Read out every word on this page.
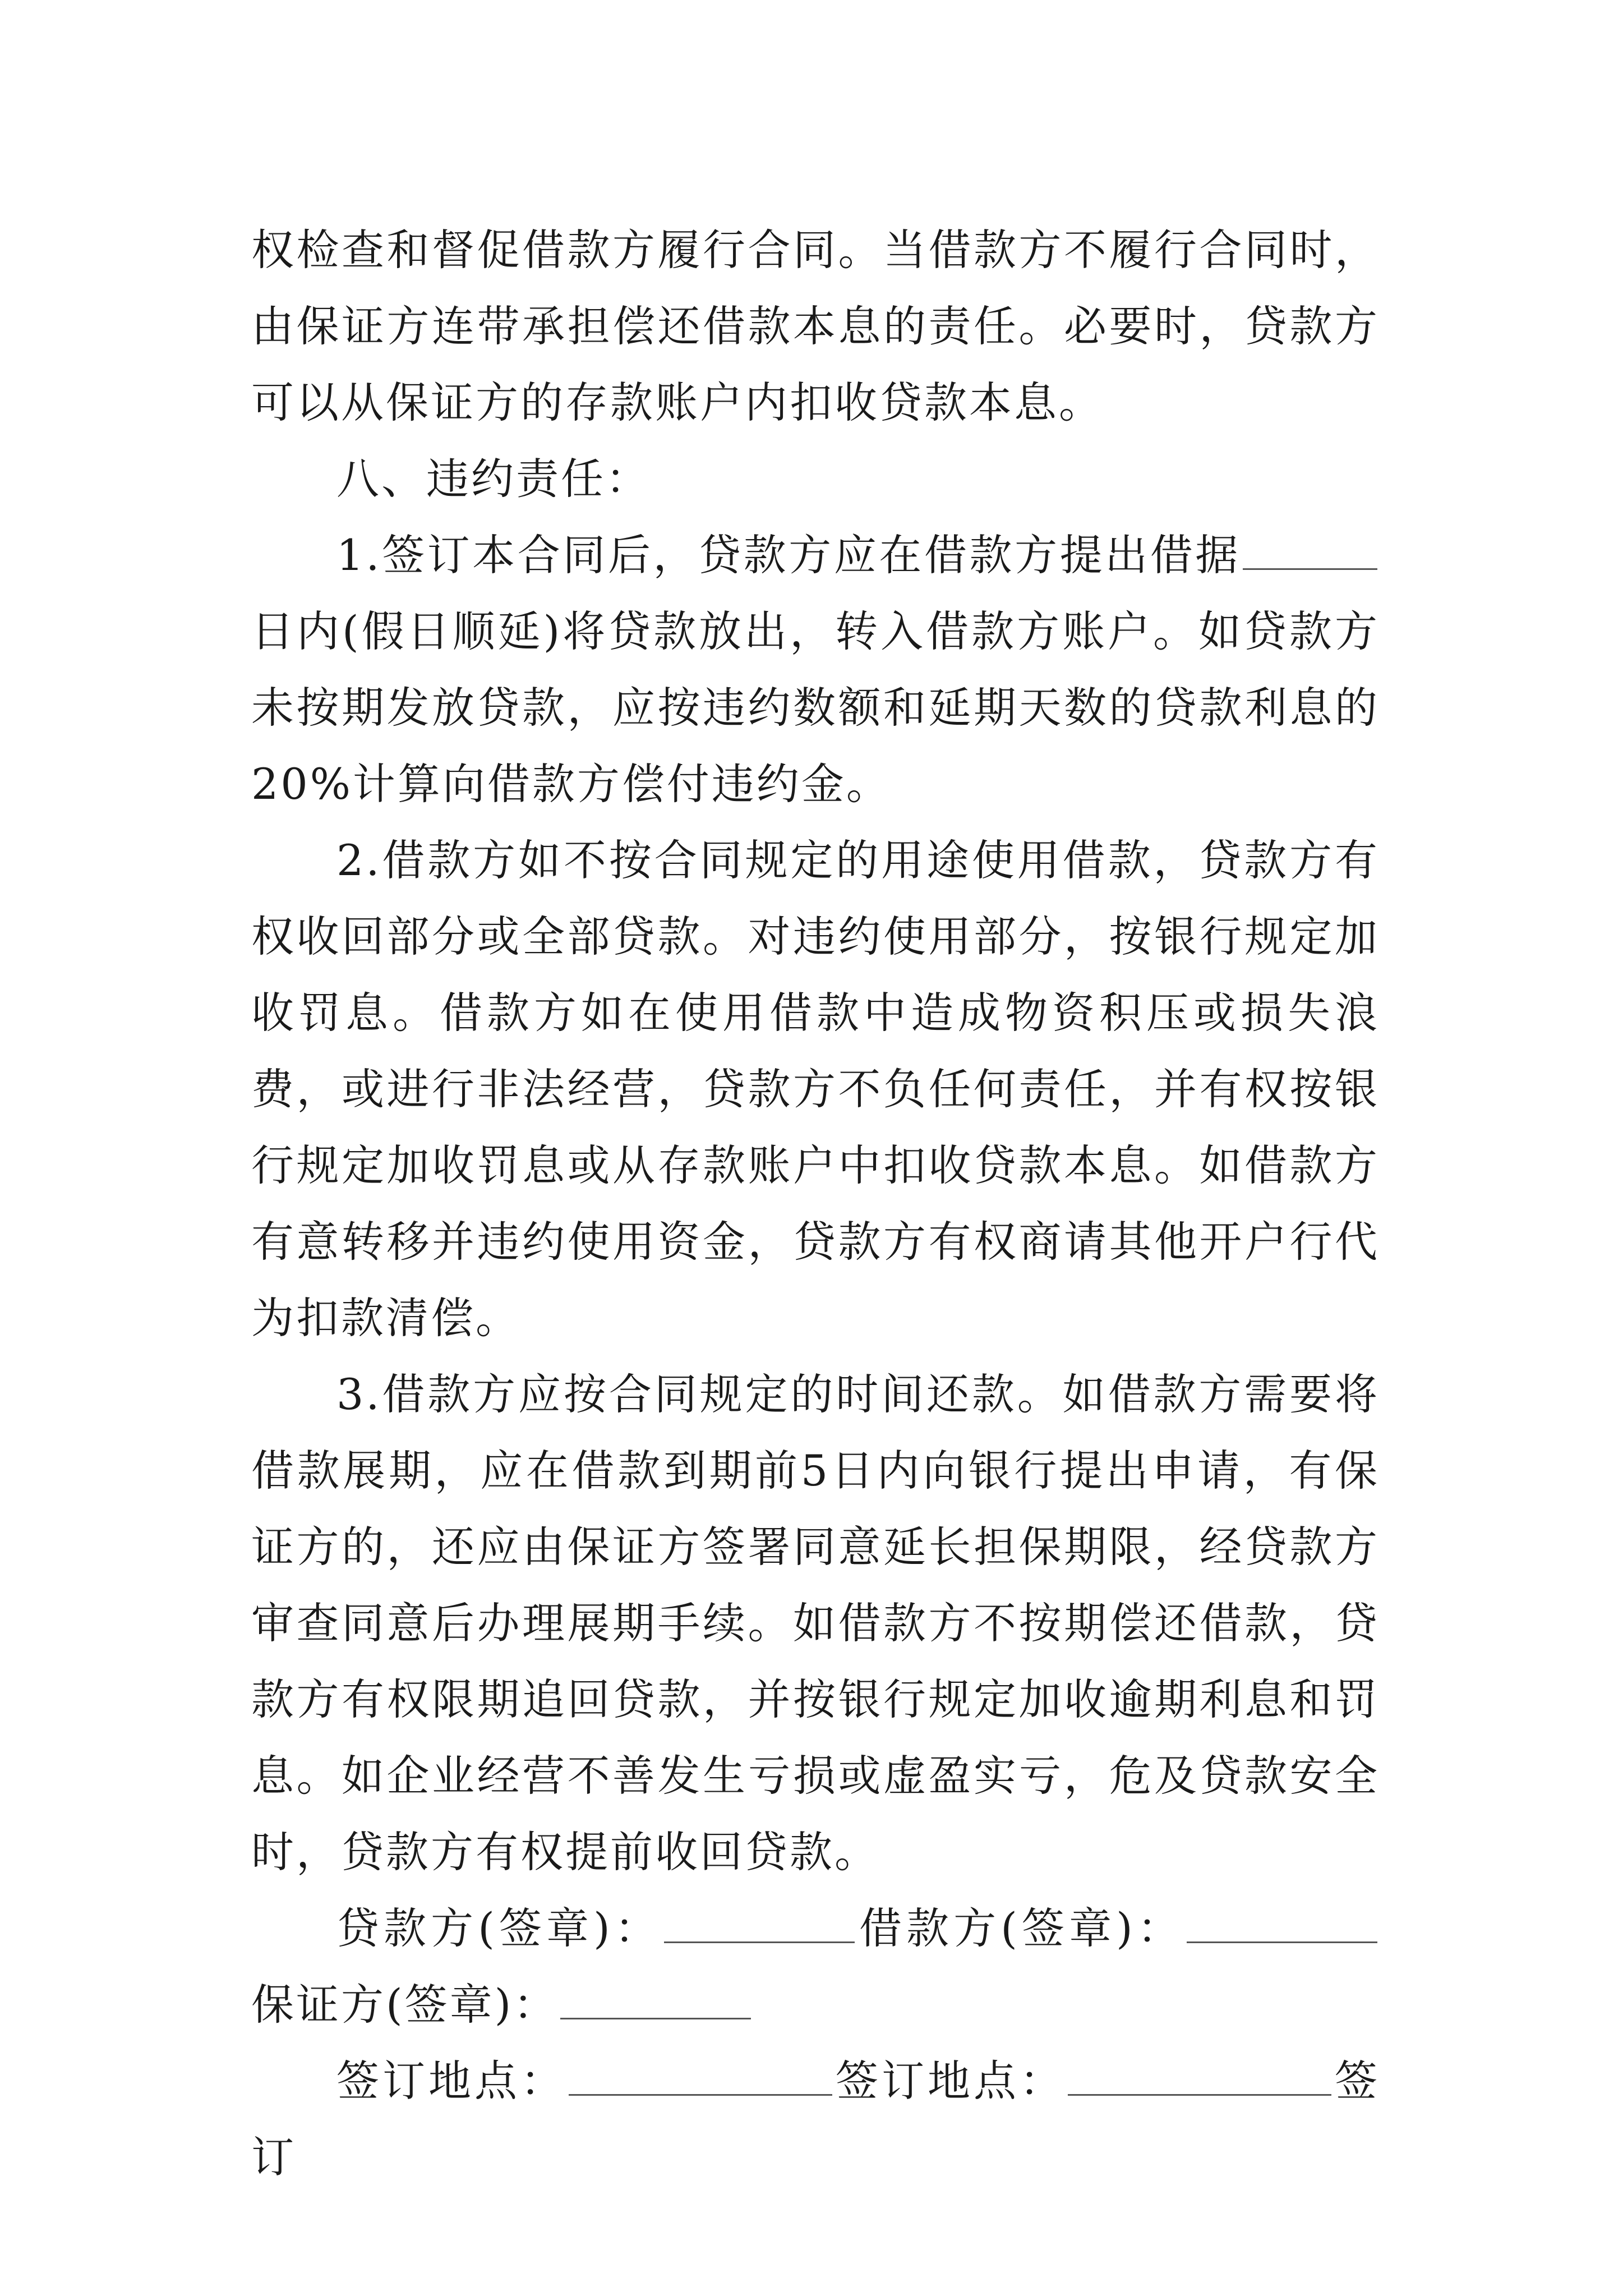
权检查和督促借款方履行合同。当借款方不履行合同时，由保证方连带承担偿还借款本息的责任。必要时，贷款方可以从保证方的存款账户内扣收贷款本息。

八、违约责任：

1.签订本合同后，贷款方应在借款方提出借据日内(假日顺延)将贷款放出，转入借款方账户。如贷款方未按期发放贷款，应按违约数额和延期天数的贷款利息的20%计算向借款方偿付违约金。

2.借款方如不按合同规定的用途使用借款，贷款方有权收回部分或全部贷款。对违约使用部分，按银行规定加收罚息。借款方如在使用借款中造成物资积压或损失浪费，或进行非法经营，贷款方不负任何责任，并有权按银行规定加收罚息或从存款账户中扣收贷款本息。如借款方有意转移并违约使用资金，贷款方有权商请其他开户行代为扣款清偿。

3.借款方应按合同规定的时间还款。如借款方需要将借款展期，应在借款到期前5日内向银行提出申请，有保证方的，还应由保证方签署同意延长担保期限，经贷款方审查同意后办理展期手续。如借款方不按期偿还借款，贷款方有权限期追回贷款，并按银行规定加收逾期利息和罚息。如企业经营不善发生亏损或虚盈实亏，危及贷款安全时，贷款方有权提前收回贷款。

贷款方(签章)：	借款方(签章)：保证方(签章)：

签订地点：	签订地点：	签订
